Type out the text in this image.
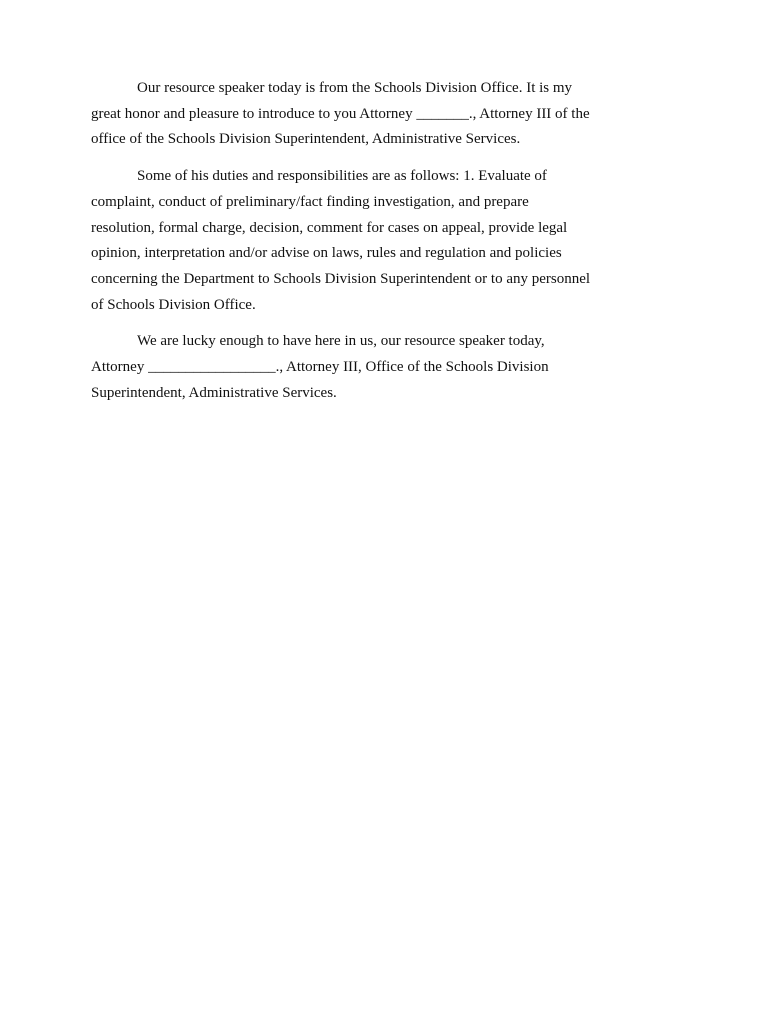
Our resource speaker today is from the Schools Division Office. It is my
great honor and pleasure to introduce to you Attorney _______., Attorney III of the
office of the Schools Division Superintendent, Administrative Services.

Some of his duties and responsibilities are as follows: 1. Evaluate of
complaint, conduct of preliminary/fact finding investigation, and prepare
resolution, formal charge, decision, comment for cases on appeal, provide legal
opinion, interpretation and/or advise on laws, rules and regulation and policies
concerning the Department to Schools Division Superintendent or to any personnel
of Schools Division Office.

We are lucky enough to have here in us, our resource speaker today,
Attorney _________________., Attorney III, Office of the Schools Division
Superintendent, Administrative Services.
